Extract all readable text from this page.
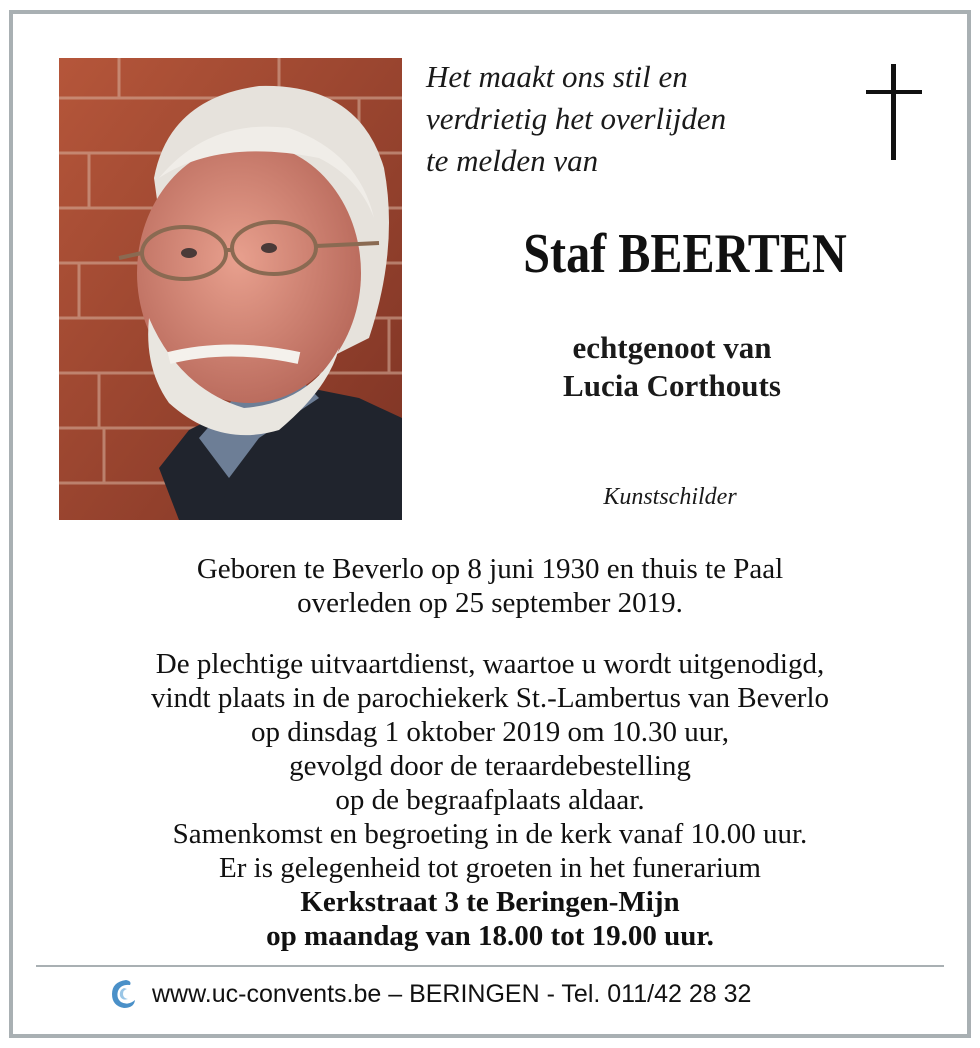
Het maakt ons stil en
verdrietig het overlijden
te melden van
Staf BEERTEN
echtgenoot van
Lucia Corthouts
Kunstschilder
Geboren te Beverlo op 8 juni 1930 en thuis te Paal
overleden op 25 september 2019.
De plechtige uitvaartdienst, waartoe u wordt uitgenodigd,
vindt plaats in de parochiekerk St.-Lambertus van Beverlo
op dinsdag 1 oktober 2019 om 10.30 uur,
gevolgd door de teraardebestelling
op de begraafplaats aldaar.
Samenkomst en begroeting in de kerk vanaf 10.00 uur.
Er is gelegenheid tot groeten in het funerarium
Kerkstraat 3 te Beringen-Mijn
op maandag van 18.00 tot 19.00 uur.
www.uc-convents.be – BERINGEN - Tel. 011/42 28 32
